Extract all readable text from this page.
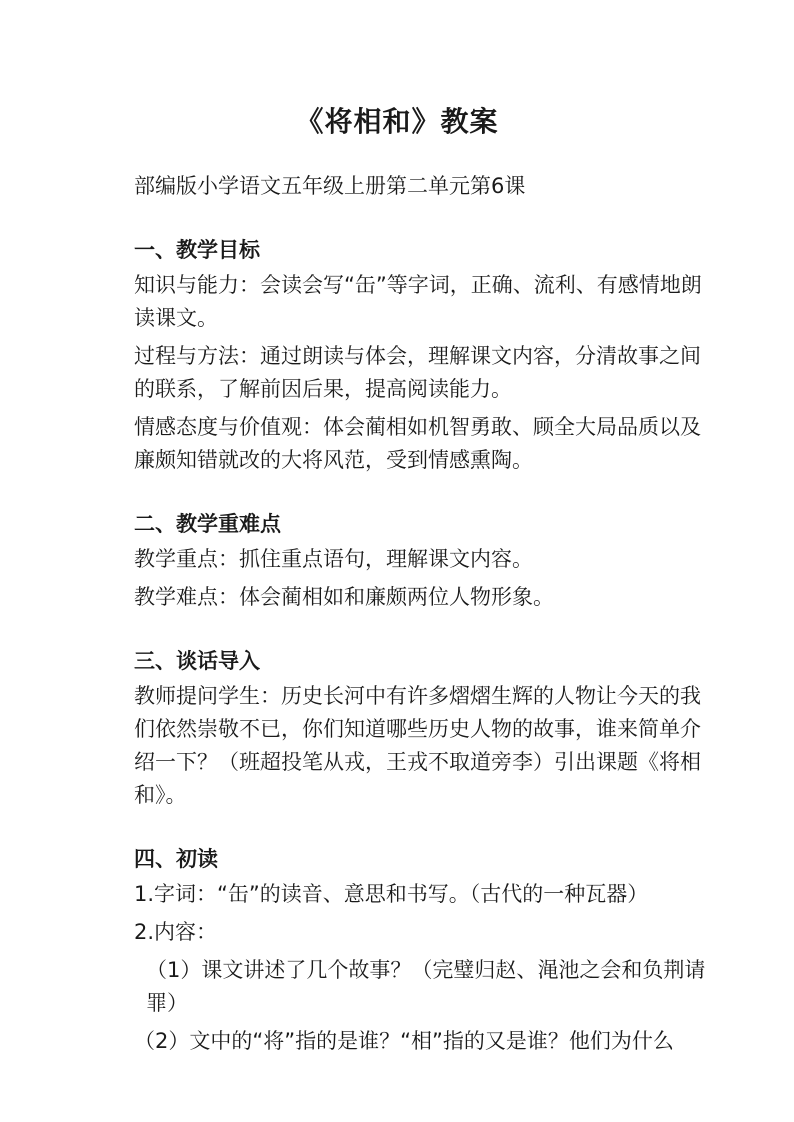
《将相和》教案

部编版小学语文五年级上册第二单元第6课

一、教学目标

知识与能力：会读会写“缶”等字词，正确、流利、有感情地朗读课文。

过程与方法：通过朗读与体会，理解课文内容，分清故事之间的联系，了解前因后果，提高阅读能力。

情感态度与价值观：体会蔺相如机智勇敢、顾全大局品质以及廉颇知错就改的大将风范，受到情感熏陶。

二、教学重难点

教学重点：抓住重点语句，理解课文内容。

教学难点：体会蔺相如和廉颇两位人物形象。

三、谈话导入

教师提问学生：历史长河中有许多熠熠生辉的人物让今天的我们依然崇敬不已，你们知道哪些历史人物的故事，谁来简单介绍一下？（班超投笔从戎，王戎不取道旁李）引出课题《将相和》。

四、初读

1.字词：“缶”的读音、意思和书写。（古代的一种瓦器）

2.内容：

（1）课文讲述了几个故事？（完璧归赵、渑池之会和负荆请罪）

（2）文中的“将”指的是谁？“相”指的又是谁？他们为什么
